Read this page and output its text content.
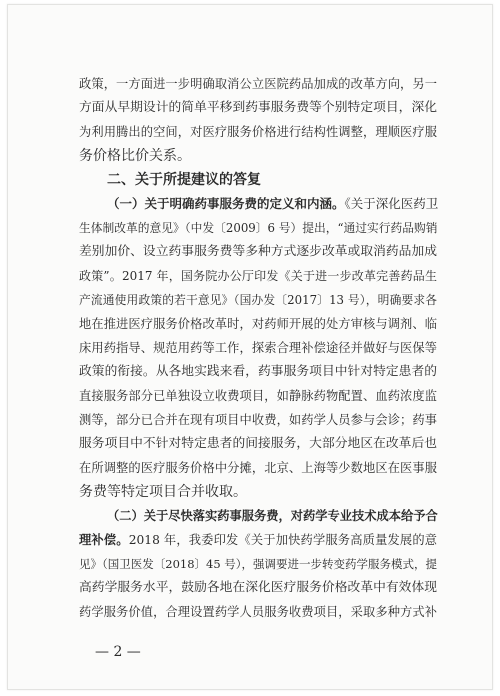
政策，一方面进一步明确取消公立医院药品加成的改革方向，另一
方面从早期设计的简单平移到药事服务费等个别特定项目，深化
为利用腾出的空间，对医疗服务价格进行结构性调整，理顺医疗服
务价格比价关系。
二、关于所提建议的答复
（一）关于明确药事服务费的定义和内涵。《关于深化医药卫
生体制改革的意见》（中发〔2009〕6 号）提出，“通过实行药品购销
差别加价、设立药事服务费等多种方式逐步改革或取消药品加成
政策”。2017 年，国务院办公厅印发《关于进一步改革完善药品生
产流通使用政策的若干意见》（国办发〔2017〕13 号），明确要求各
地在推进医疗服务价格改革时，对药师开展的处方审核与调剂、临
床用药指导、规范用药等工作，探索合理补偿途径并做好与医保等
政策的衔接。从各地实践来看，药事服务项目中针对特定患者的
直接服务部分已单独设立收费项目，如静脉药物配置、血药浓度监
测等，部分已合并在现有项目中收费，如药学人员参与会诊；药事
服务项目中不针对特定患者的间接服务，大部分地区在改革后也
在所调整的医疗服务价格中分摊，北京、上海等少数地区在医事服
务费等特定项目合并收取。
（二）关于尽快落实药事服务费，对药学专业技术成本给予合
理补偿。2018 年，我委印发《关于加快药学服务高质量发展的意
见》（国卫医发〔2018〕45 号），强调要进一步转变药学服务模式，提
高药学服务水平，鼓励各地在深化医疗服务价格改革中有效体现
药学服务价值，合理设置药学人员服务收费项目，采取多种方式补
— 2 —
